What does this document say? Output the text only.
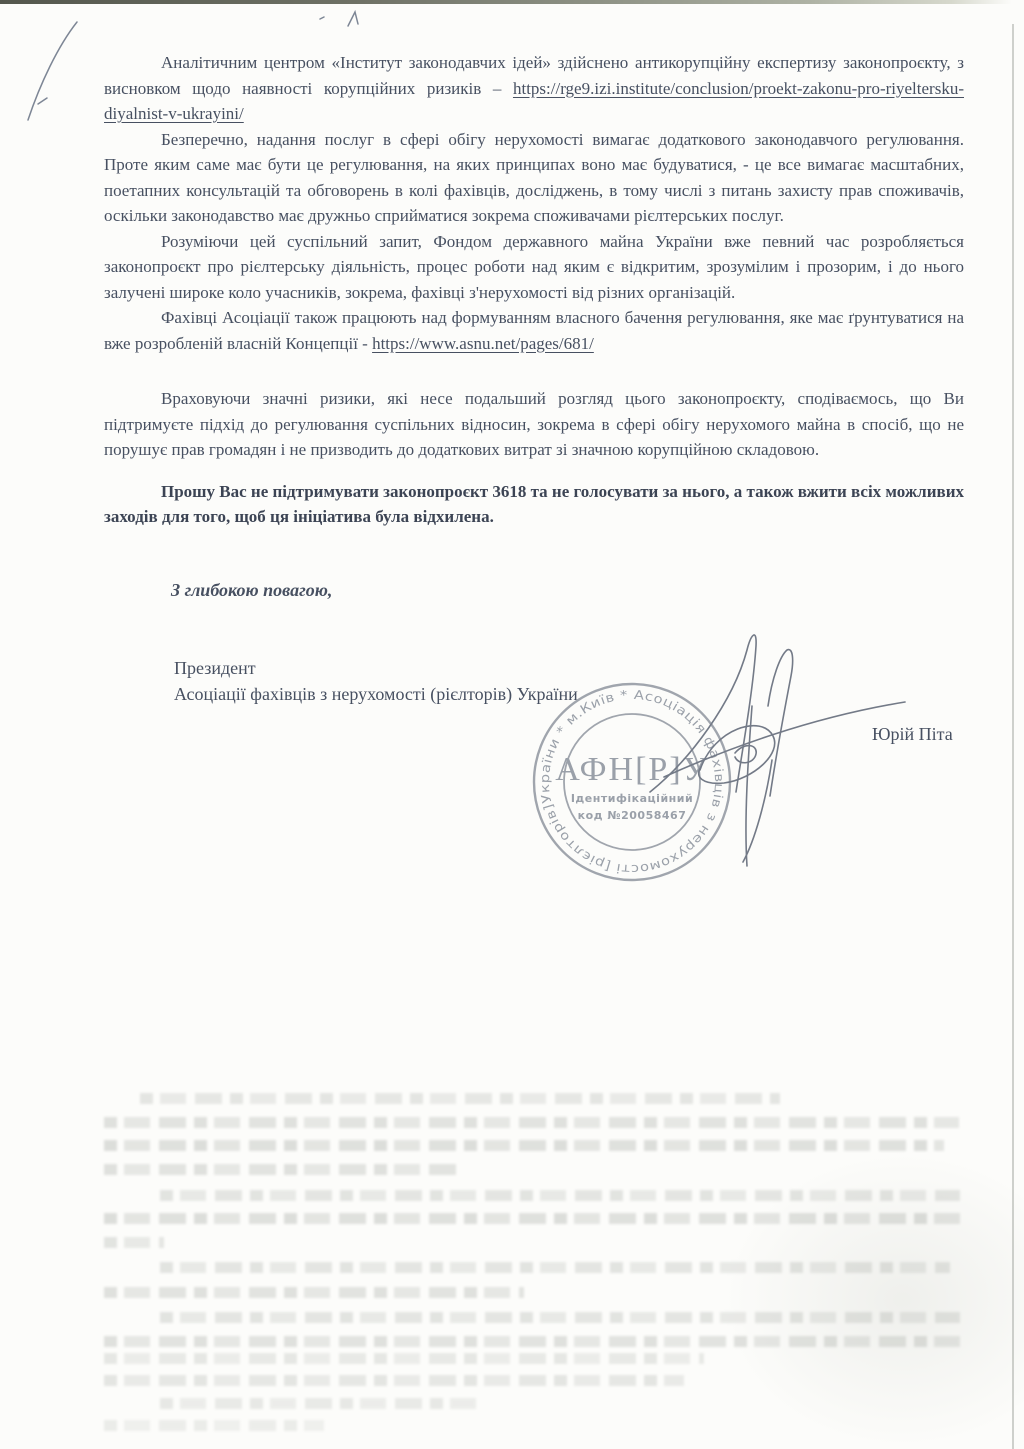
Аналітичним центром «Інститут законодавчих ідей» здійснено антикорупційну експертизу законопроєкту, з висновком щодо наявності корупційних ризиків – https://rge9.izi.institute/conclusion/proekt-zakonu-pro-riyeltersku-diyalnist-v-ukrayini/

Безперечно, надання послуг в сфері обігу нерухомості вимагає додаткового законодавчого регулювання. Проте яким саме має бути це регулювання, на яких принципах воно має будуватися, - це все вимагає масштабних, поетапних консультацій та обговорень в колі фахівців, досліджень, в тому числі з питань захисту прав споживачів, оскільки законодавство має дружньо сприйматися зокрема споживачами рієлтерських послуг.

Розуміючи цей суспільний запит, Фондом державного майна України вже певний час розробляється законопроєкт про рієлтерську діяльність, процес роботи над яким є відкритим, зрозумілим і прозорим, і до нього залучені широке коло учасників, зокрема, фахівці з'нерухомості від різних організацій.

Фахівці Асоціації також працюють над формуванням власного бачення регулювання, яке має ґрунтуватися на вже розробленій власній Концепції - https://www.asnu.net/pages/681/

Враховуючи значні ризики, які несе подальший розгляд цього законопроєкту, сподіваємось, що Ви підтримуєте підхід до регулювання суспільних відносин, зокрема в сфері обігу нерухомого майна в спосіб, що не порушує прав громадян і не призводить до додаткових витрат зі значною корупційною складовою.

Прошу Вас не підтримувати законопроєкт 3618 та не голосувати за нього, а також вжити всіх можливих заходів для того, щоб ця ініціатива була відхилена.

З глибокою повагою,

Президент

Асоціації фахівців з нерухомості (рієлторів) України

Юрій Піта
України * м.Київ * Асоціація фахівців з нерухомості [рієлторів]
АФН[Р]У
Ідентифікаційний
код №20058467
